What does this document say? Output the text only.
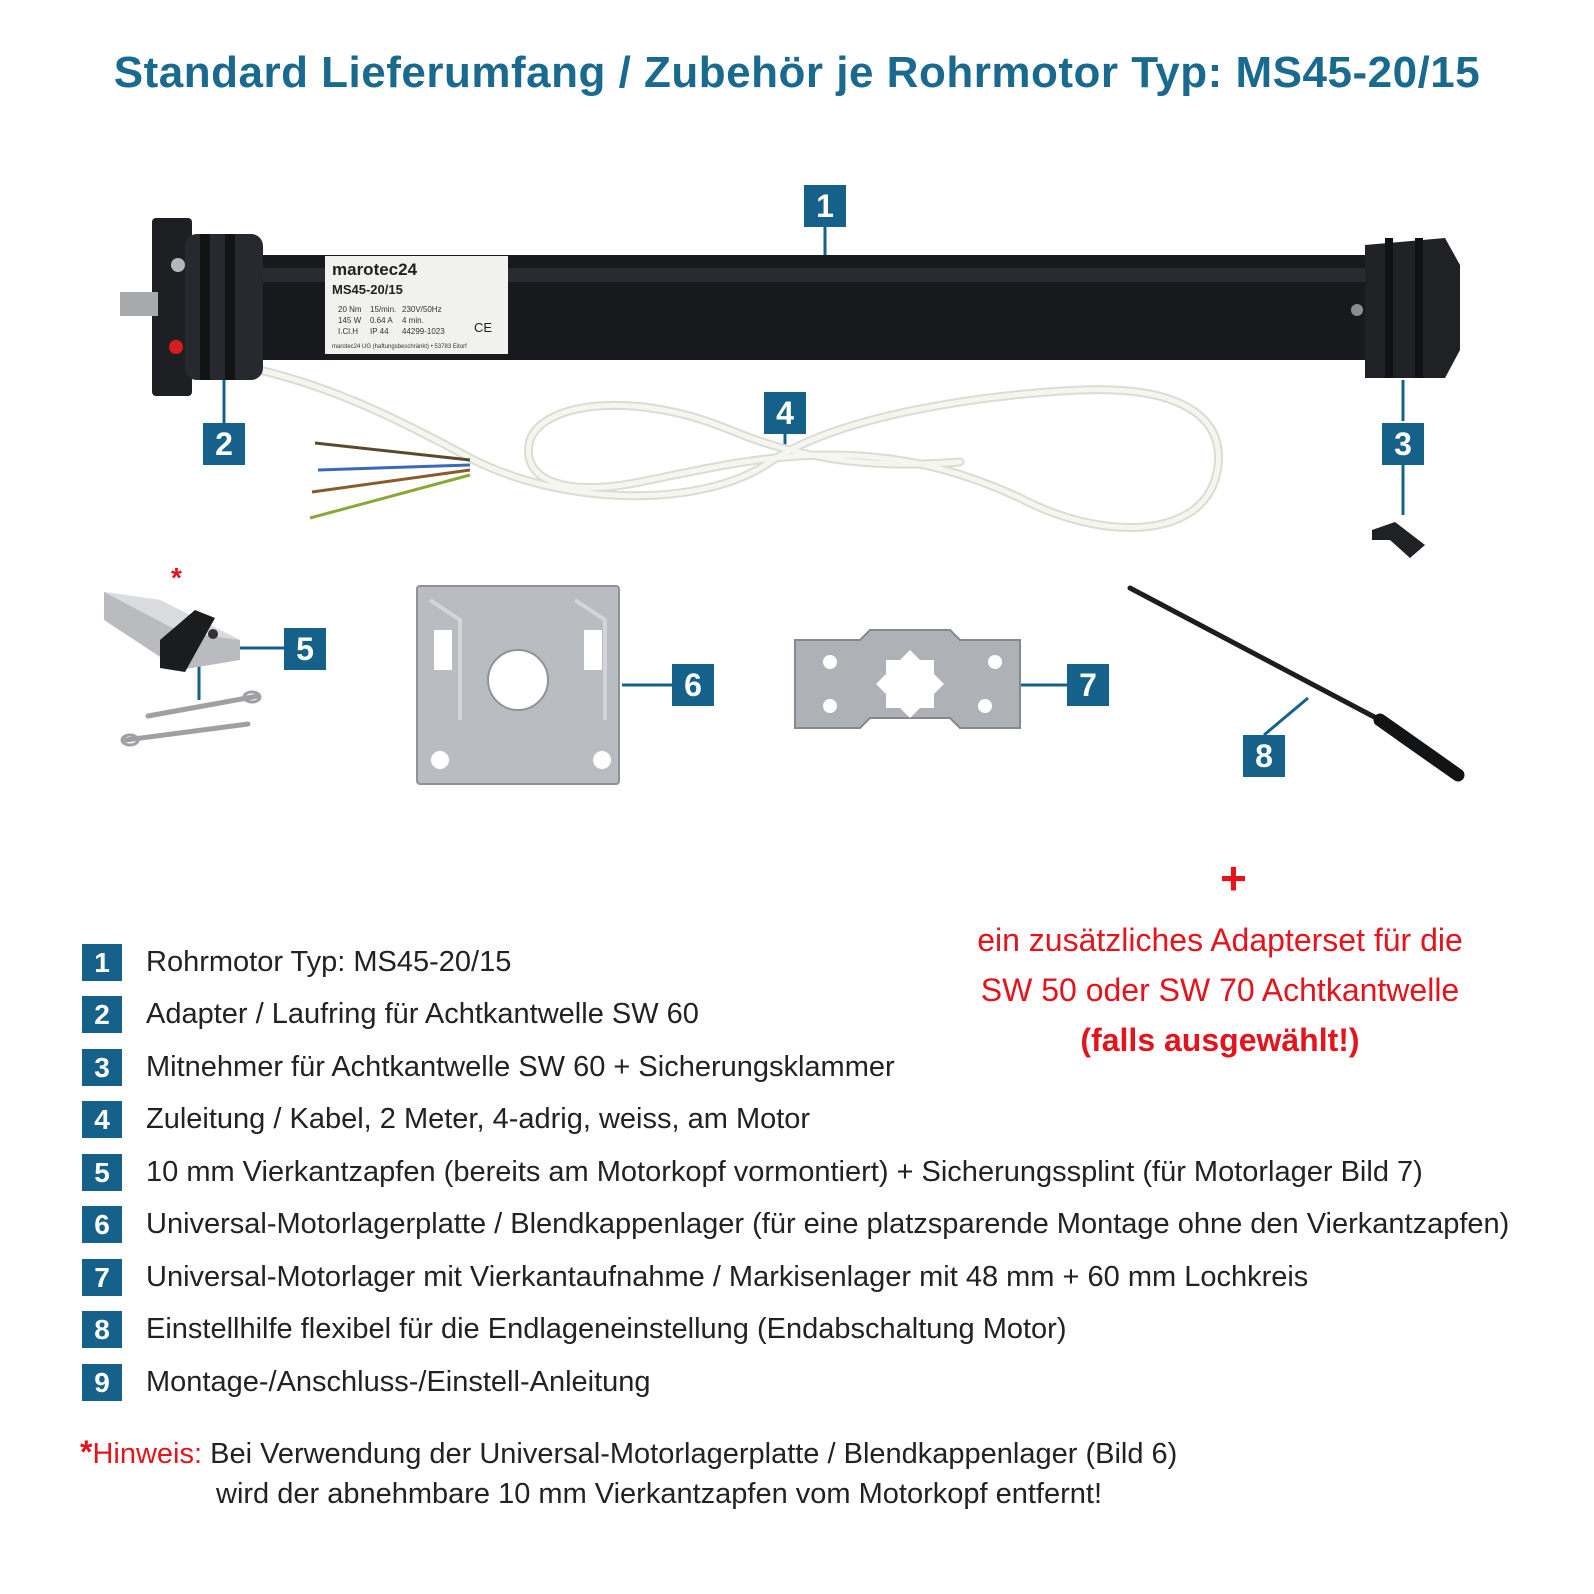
Standard Lieferumfang / Zubehör je Rohrmotor Typ: MS45-20/15
marotec24
MS45-20/15
20 Nm 15/min. 230V/50Hz
145 W 0.64 A 4 min.
I.Cl.H IP 44 44299-1023
marotec24 UG (haftungsbeschränkt) • 53783 Eitorf
CE
1
2	3
4
5
6	7
8
*
+
ein zusätzliches Adapterset für die
SW 50 oder SW 70 Achtkantwelle
(falls ausgewählt!)
1	Rohrmotor Typ: MS45-20/15
2	Adapter / Laufring für Achtkantwelle SW 60
3	Mitnehmer für Achtkantwelle SW 60 + Sicherungsklammer
4	Zuleitung / Kabel, 2 Meter, 4-adrig, weiss, am Motor
5	10 mm Vierkantzapfen (bereits am Motorkopf vormontiert) + Sicherungssplint (für Motorlager Bild 7)
6	Universal-Motorlagerplatte / Blendkappenlager (für eine platzsparende Montage ohne den Vierkantzapfen)
7	Universal-Motorlager mit Vierkantaufnahme / Markisenlager mit 48 mm + 60 mm Lochkreis
8	Einstellhilfe flexibel für die Endlageneinstellung (Endabschaltung Motor)
9	Montage-/Anschluss-/Einstell-Anleitung
*Hinweis: Bei Verwendung der Universal-Motorlagerplatte / Blendkappenlager (Bild 6)
wird der abnehmbare 10 mm Vierkantzapfen vom Motorkopf entfernt!
